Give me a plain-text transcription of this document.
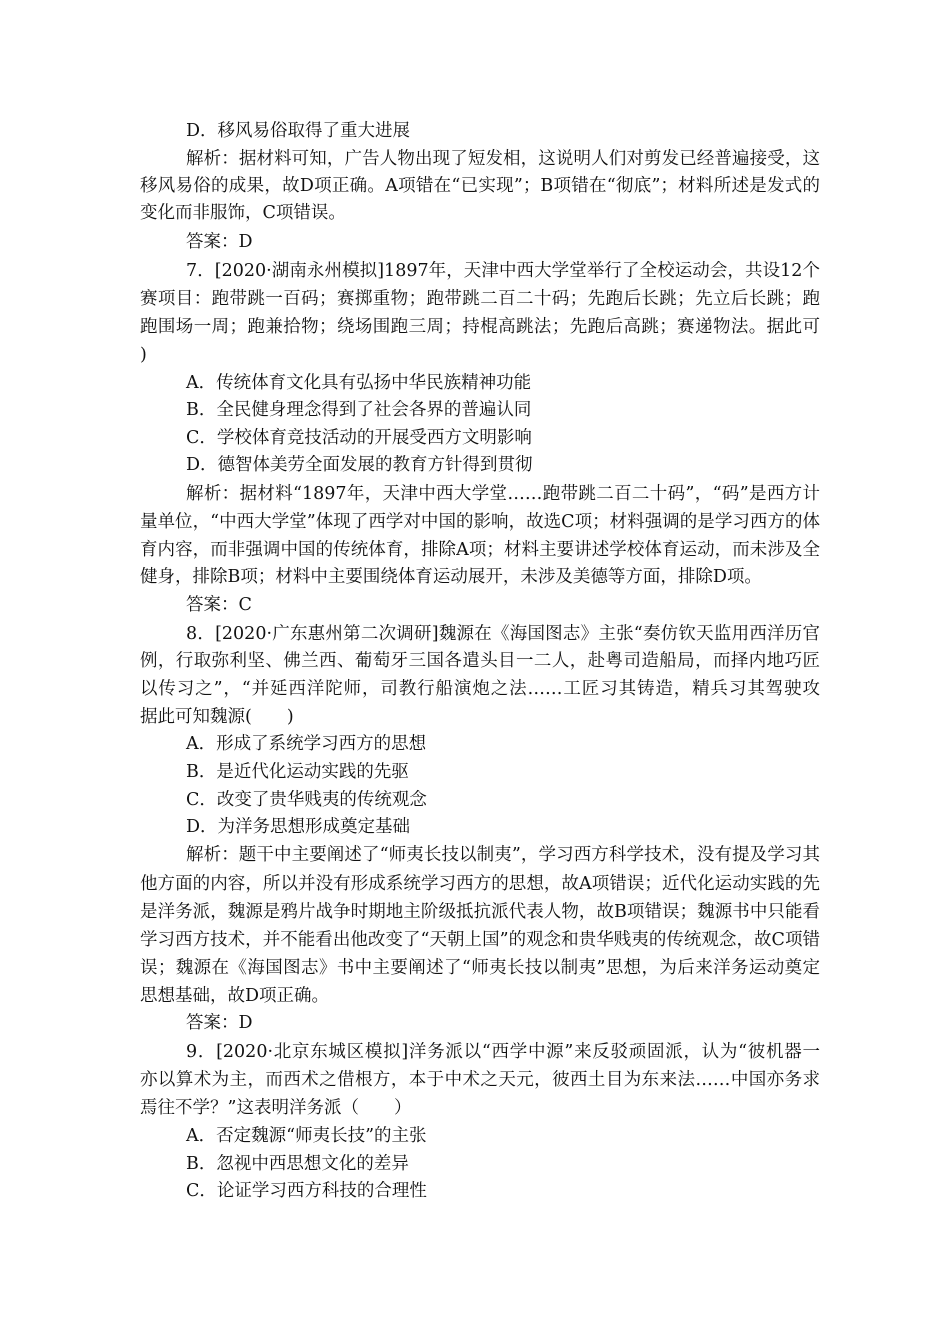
D．移风易俗取得了重大进展
解析：据材料可知，广告人物出现了短发相，这说明人们对剪发已经普遍接受，这
移风易俗的成果，故D项正确。A项错在“已实现”；B项错在“彻底”；材料所述是发式的
变化而非服饰，C项错误。
答案：D
7．[2020·湖南永州模拟]1897年，天津中西大学堂举行了全校运动会，共设12个
赛项目：跑带跳一百码；赛掷重物；跑带跳二百二十码；先跑后长跳；先立后长跳；跑
跑围场一周；跑兼拾物；绕场围跑三周；持棍高跳法；先跑后高跳；赛递物法。据此可
)
A．传统体育文化具有弘扬中华民族精神功能
B．全民健身理念得到了社会各界的普遍认同
C．学校体育竞技活动的开展受西方文明影响
D．德智体美劳全面发展的教育方针得到贯彻
解析：据材料“1897年，天津中西大学堂……跑带跳二百二十码”，“码”是西方计
量单位，“中西大学堂”体现了西学对中国的影响，故选C项；材料强调的是学习西方的体
育内容，而非强调中国的传统体育，排除A项；材料主要讲述学校体育运动，而未涉及全
健身，排除B项；材料中主要围绕体育运动展开，未涉及美德等方面，排除D项。
答案：C
8．[2020·广东惠州第二次调研]魏源在《海国图志》主张“奏仿钦天监用西洋历官
例，行取弥利坚、佛兰西、葡萄牙三国各遣头目一二人，赴粤司造船局，而择内地巧匠
以传习之”，“并延西洋陀师，司教行船演炮之法……工匠习其铸造，精兵习其驾驶攻
据此可知魏源(　　)
A．形成了系统学习西方的思想
B．是近代化运动实践的先驱
C．改变了贵华贱夷的传统观念
D．为洋务思想形成奠定基础
解析：题干中主要阐述了“师夷长技以制夷”，学习西方科学技术，没有提及学习其
他方面的内容，所以并没有形成系统学习西方的思想，故A项错误；近代化运动实践的先
是洋务派，魏源是鸦片战争时期地主阶级抵抗派代表人物，故B项错误；魏源书中只能看
学习西方技术，并不能看出他改变了“天朝上国”的观念和贵华贱夷的传统观念，故C项错
误；魏源在《海国图志》书中主要阐述了“师夷长技以制夷”思想，为后来洋务运动奠定
思想基础，故D项正确。
答案：D
9．[2020·北京东城区模拟]洋务派以“西学中源”来反驳顽固派，认为“彼机器一
亦以算术为主，而西术之借根方，本于中术之天元，彼西土目为东来法……中国亦务求
焉往不学？”这表明洋务派（　　）
A．否定魏源“师夷长技”的主张
B．忽视中西思想文化的差异
C．论证学习西方科技的合理性
